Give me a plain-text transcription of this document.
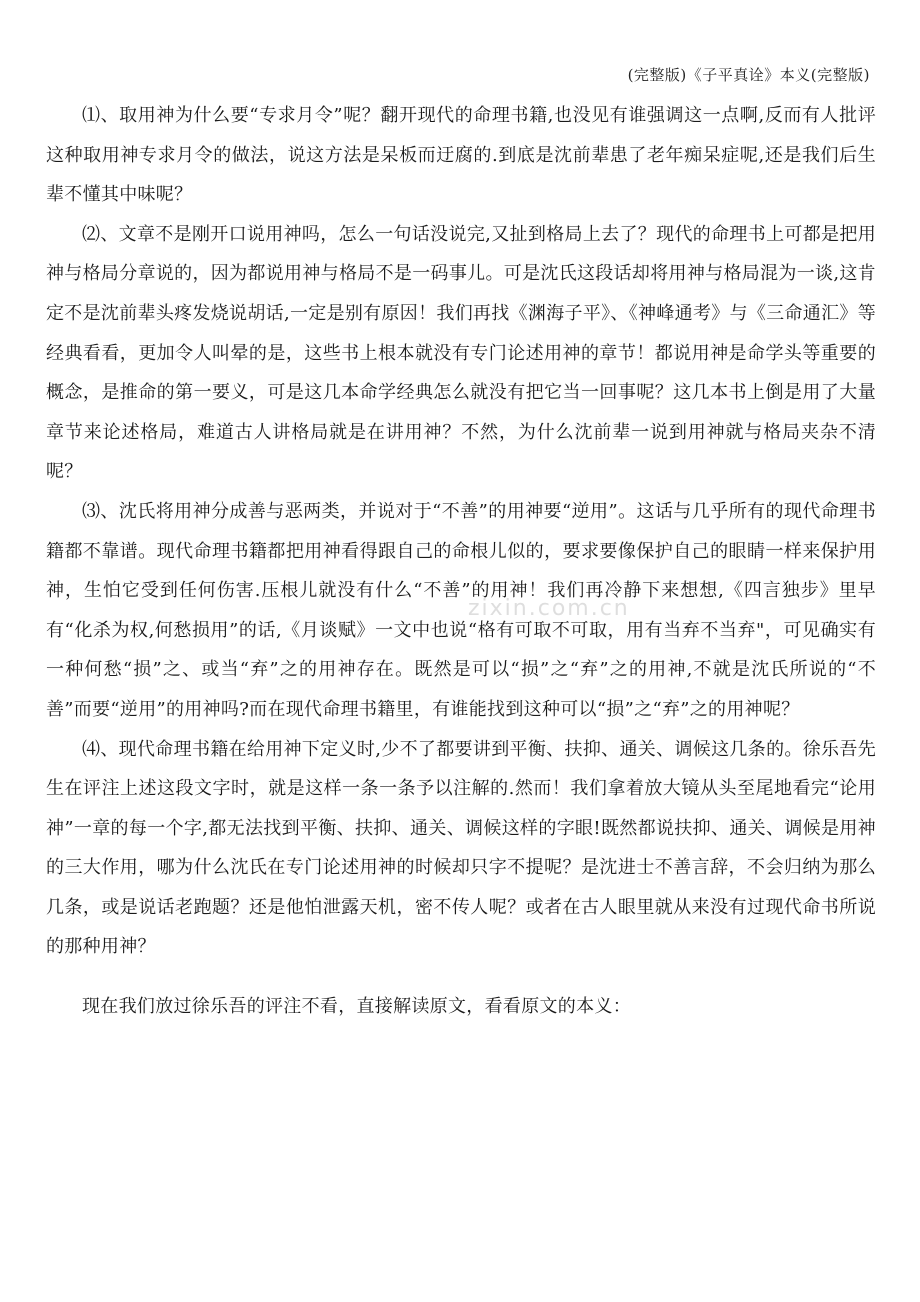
(完整版)《子平真诠》本义(完整版)
zixin.com.cn

⑴、取用神为什么要“专求月令”呢？翻开现代的命理书籍,也没见有谁强调这一点啊,反而有人批评这种取用神专求月令的做法，说这方法是呆板而迂腐的.到底是沈前辈患了老年痴呆症呢,还是我们后生辈不懂其中味呢？

⑵、文章不是刚开口说用神吗，怎么一句话没说完,又扯到格局上去了？现代的命理书上可都是把用神与格局分章说的，因为都说用神与格局不是一码事儿。可是沈氏这段话却将用神与格局混为一谈,这肯定不是沈前辈头疼发烧说胡话,一定是别有原因！我们再找《渊海子平》、《神峰通考》与《三命通汇》等经典看看，更加令人叫晕的是，这些书上根本就没有专门论述用神的章节！都说用神是命学头等重要的概念，是推命的第一要义，可是这几本命学经典怎么就没有把它当一回事呢？这几本书上倒是用了大量章节来论述格局，难道古人讲格局就是在讲用神？不然，为什么沈前辈一说到用神就与格局夹杂不清呢？

⑶、沈氏将用神分成善与恶两类，并说对于“不善”的用神要“逆用”。这话与几乎所有的现代命理书籍都不靠谱。现代命理书籍都把用神看得跟自己的命根儿似的，要求要像保护自己的眼睛一样来保护用神，生怕它受到任何伤害.压根儿就没有什么“不善”的用神！我们再冷静下来想想,《四言独步》里早有“化杀为权,何愁损用”的话,《月谈赋》一文中也说“格有可取不可取，用有当弃不当弃"，可见确实有一种何愁“损”之、或当“弃”之的用神存在。既然是可以“损”之“弃”之的用神,不就是沈氏所说的“不善”而要“逆用”的用神吗?而在现代命理书籍里，有谁能找到这种可以“损”之“弃”之的用神呢？

⑷、现代命理书籍在给用神下定义时,少不了都要讲到平衡、扶抑、通关、调候这几条的。徐乐吾先生在评注上述这段文字时，就是这样一条一条予以注解的.然而！我们拿着放大镜从头至尾地看完“论用神”一章的每一个字,都无法找到平衡、扶抑、通关、调候这样的字眼!既然都说扶抑、通关、调候是用神的三大作用，哪为什么沈氏在专门论述用神的时候却只字不提呢？是沈进士不善言辞，不会归纳为那么几条，或是说话老跑题？还是他怕泄露天机，密不传人呢？或者在古人眼里就从来没有过现代命书所说的那种用神？

现在我们放过徐乐吾的评注不看，直接解读原文，看看原文的本义：
